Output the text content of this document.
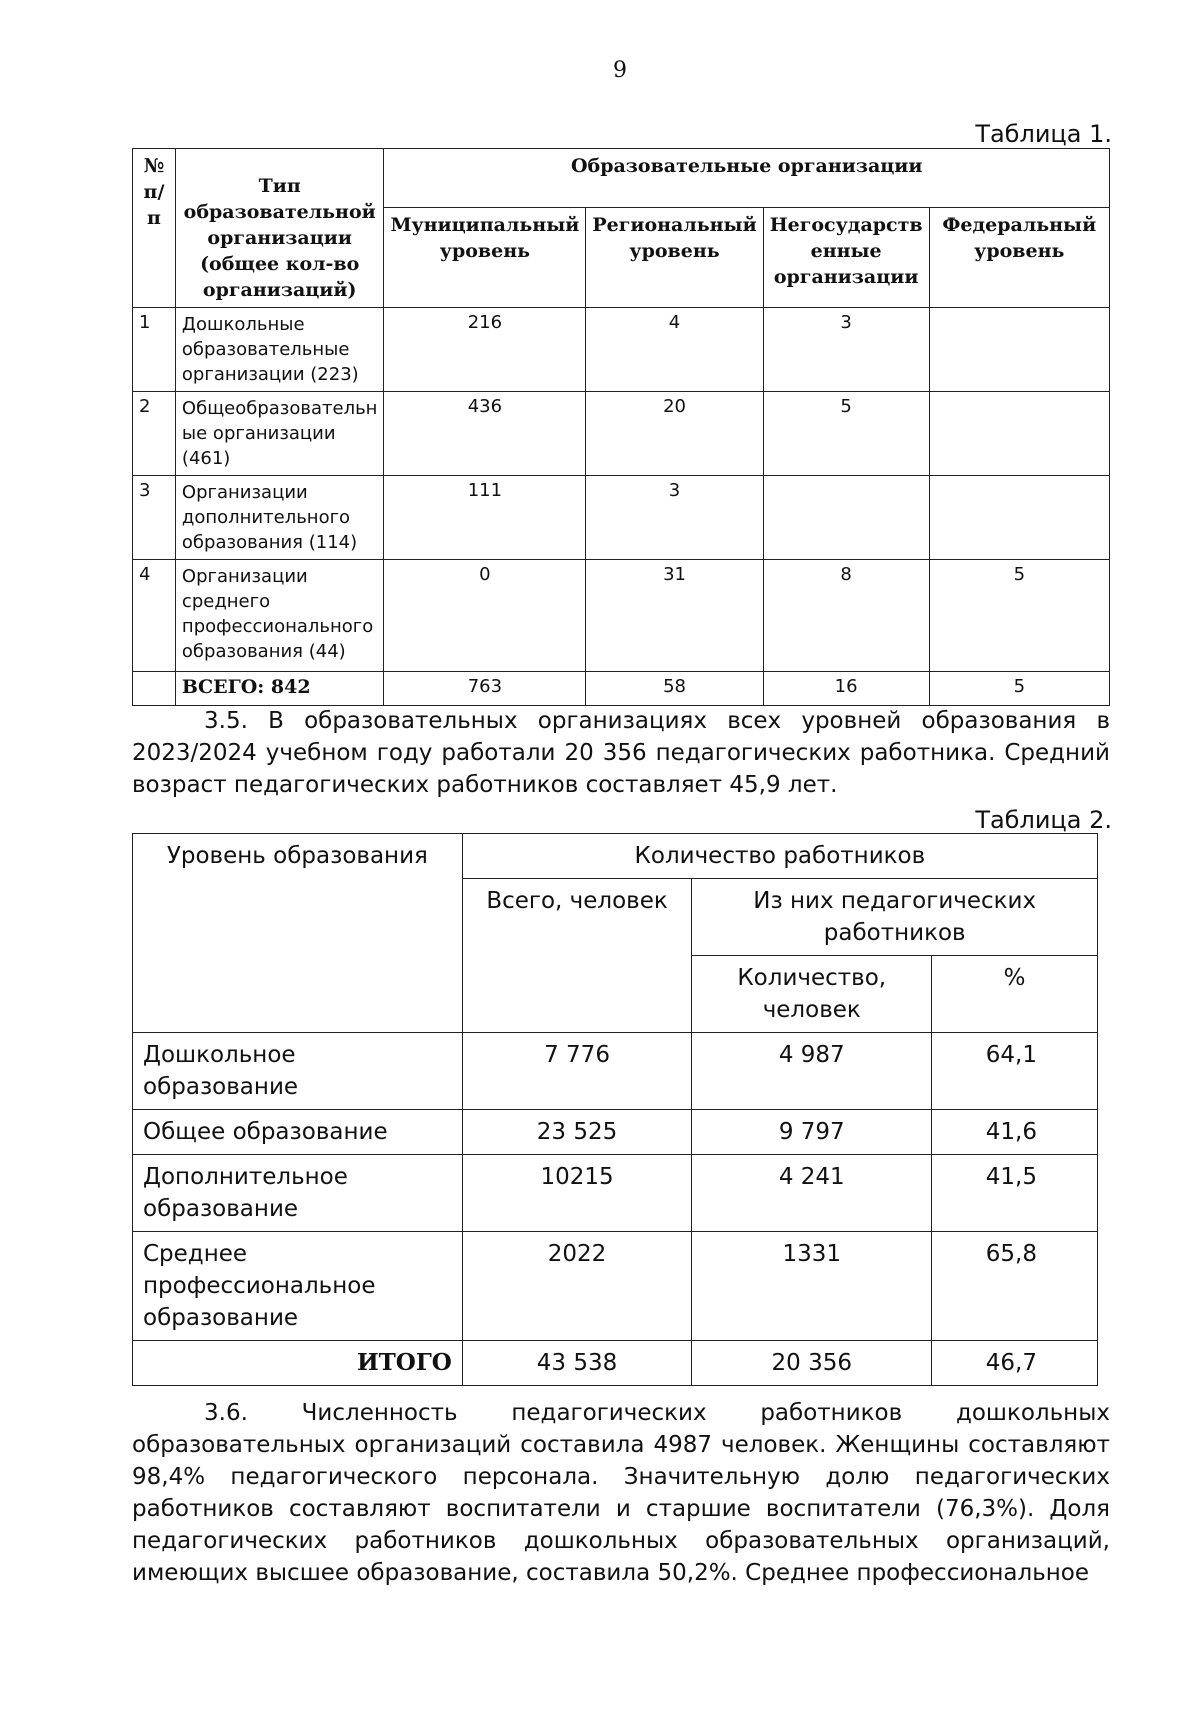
9
Таблица 1.
№ п/п	Тип образовательной организации (общее кол-во организаций)	Образовательные организации			
		Муниципальный уровень	Региональный уровень	Негосударств енные организации	Федеральный уровень
1	Дошкольные образовательные организации (223)	216	4	3	
2	Общеобразовательн ые организации (461)	436	20	5	
3	Организации дополнительного образования (114)	111	3		
4	Организации среднего профессионального образования (44)	0	31	8	5
	ВСЕГО: 842	763	58	16	5
3.5. В образовательных организациях всех уровней образования в 2023/2024 учебном году работали 20 356 педагогических работника. Средний возраст педагогических работников составляет 45,9 лет.
Таблица 2.
Уровень образования	Количество работников		
	Всего, человек	Из них педагогических работников	
		Количество, человек	%
Дошкольное образование	7 776	4 987	64,1
Общее образование	23 525	9 797	41,6
Дополнительное образование	10215	4 241	41,5
Среднее профессиональное образование	2022	1331	65,8
ИТОГО	43 538	20 356	46,7
3.6. Численность педагогических работников дошкольных образовательных организаций составила 4987 человек. Женщины составляют 98,4% педагогического персонала. Значительную долю педагогических работников составляют воспитатели и старшие воспитатели (76,3%). Доля педагогических работников дошкольных образовательных организаций, имеющих высшее образование, составила 50,2%. Среднее профессиональное
